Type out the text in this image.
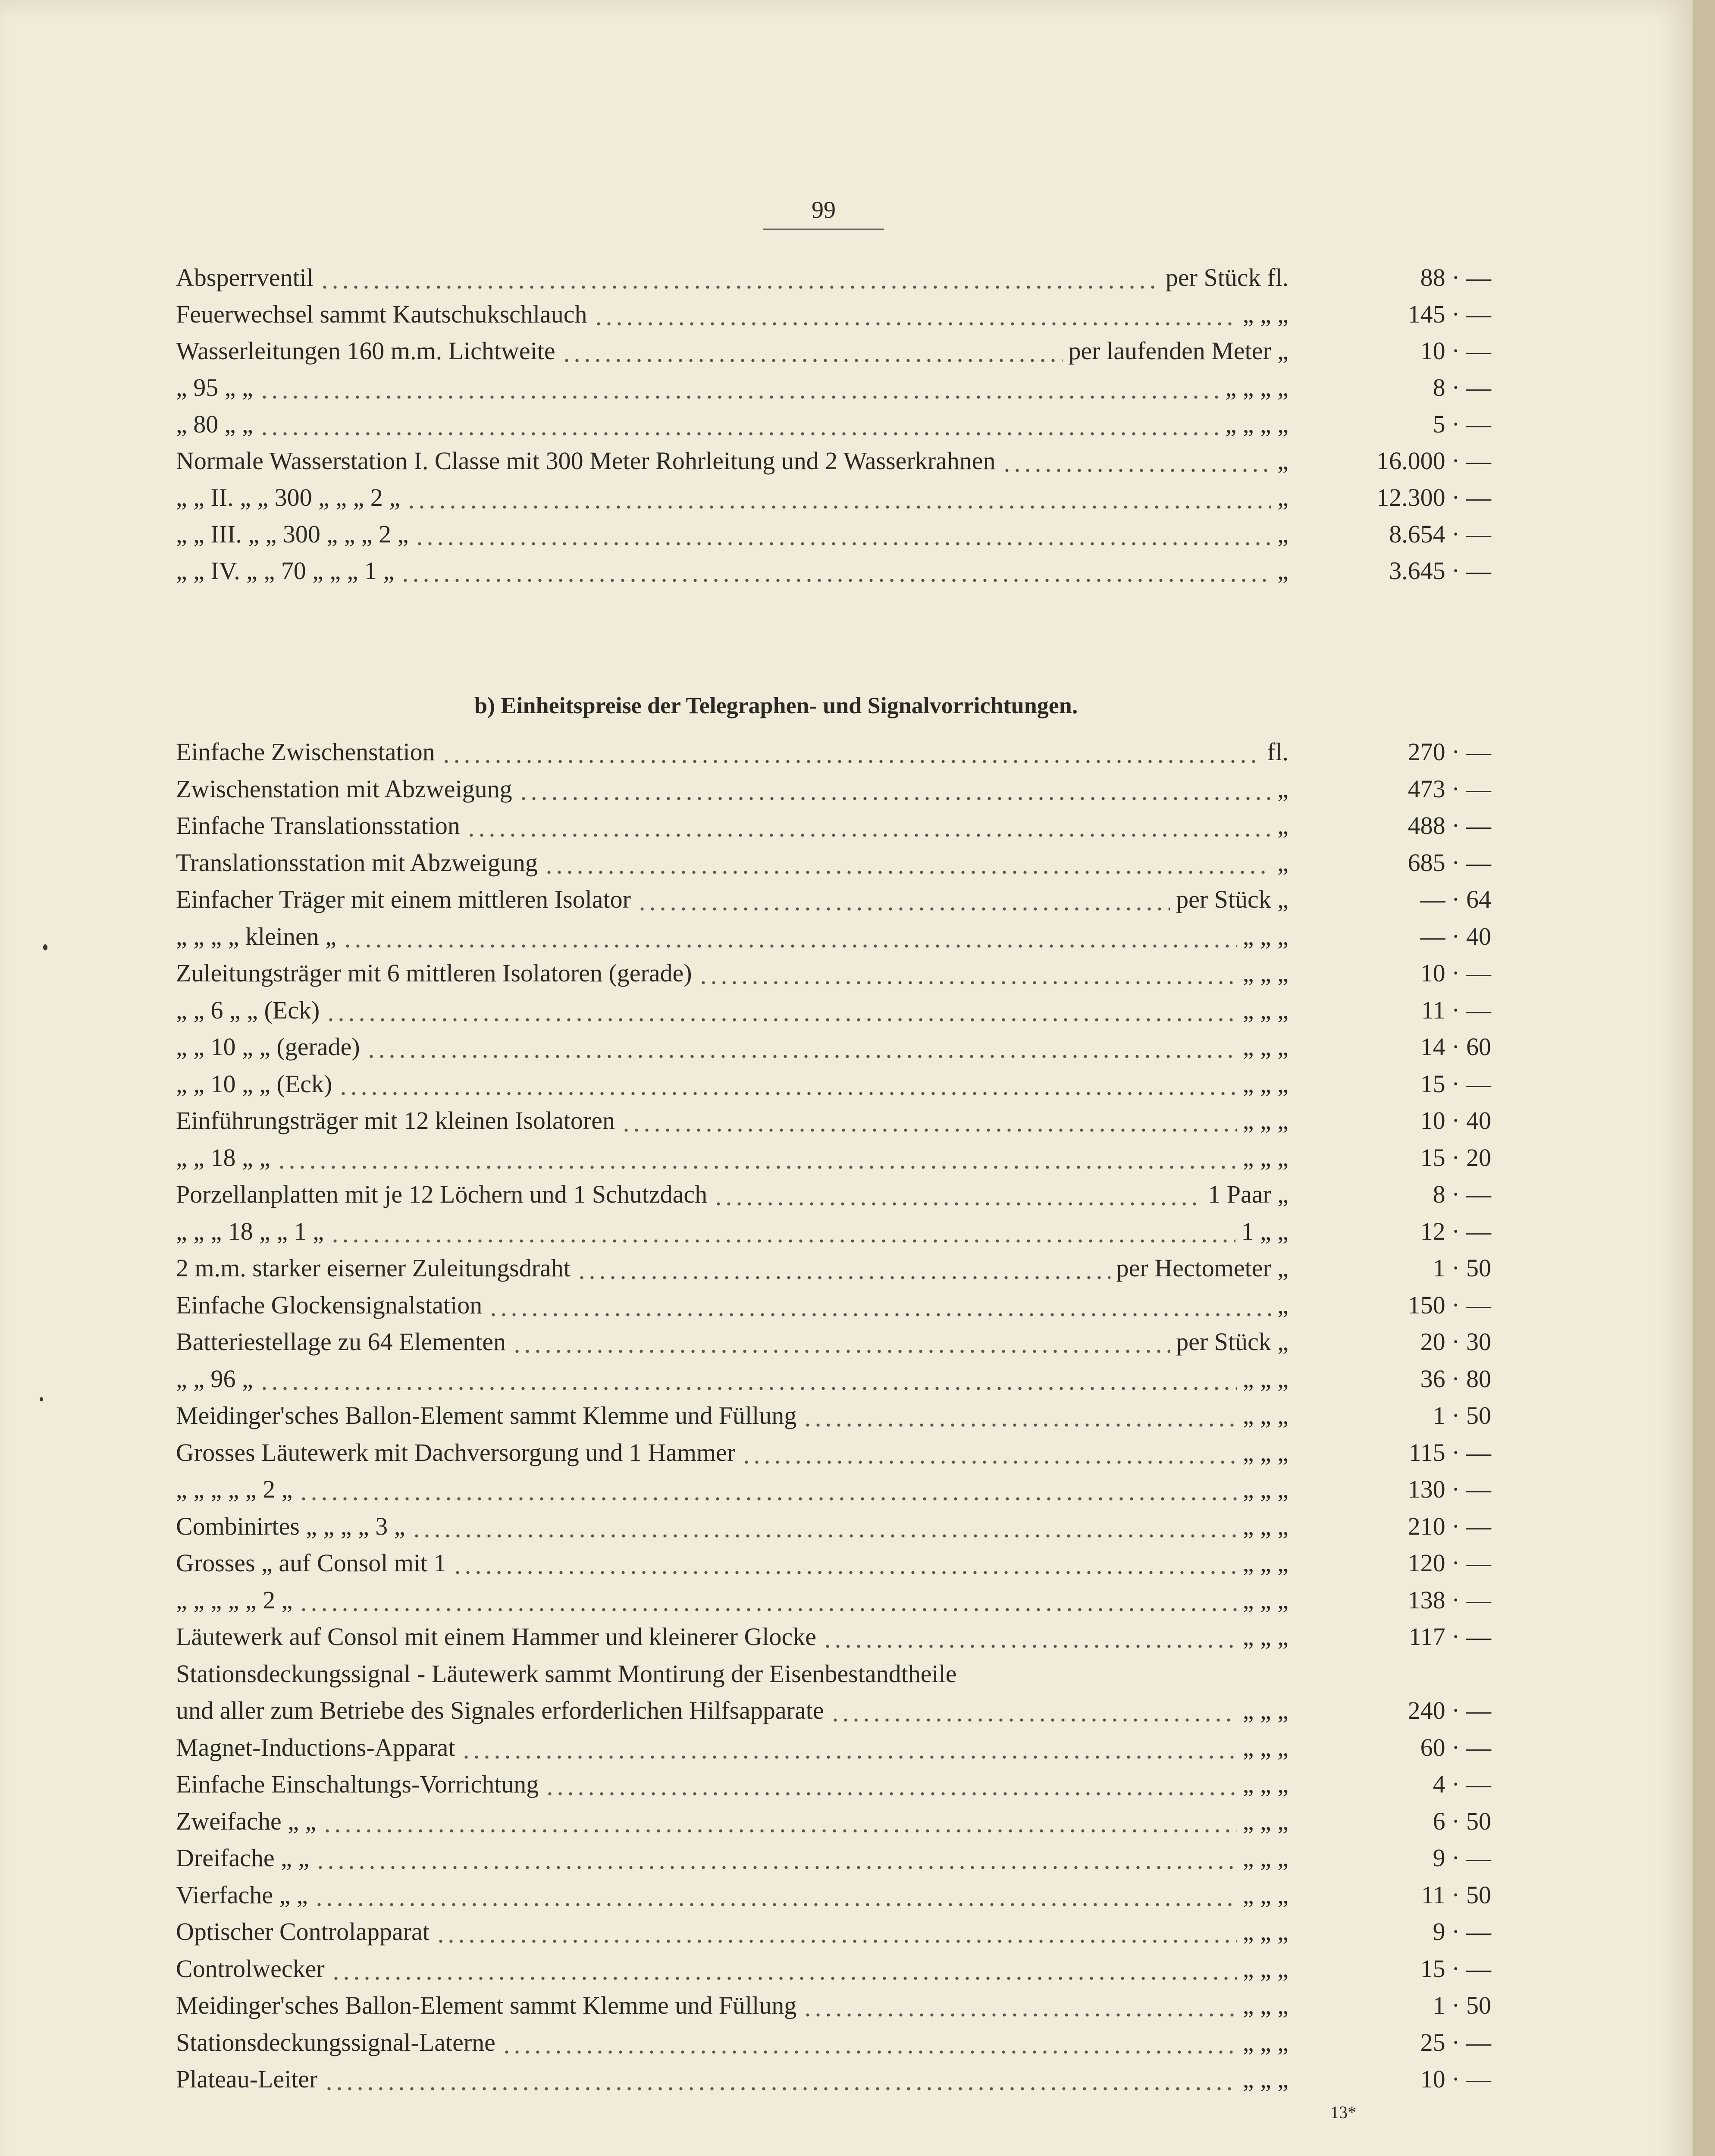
99
Absperrventil	per Stück fl.	88 · —
Feuerwechsel sammt Kautschukschlauch	„ „ „	145 · —
Wasserleitungen 160 m.m. Lichtweite	per laufenden Meter „	10 · —
„ 95 „ „	„ „ „ „	8 · —
„ 80 „ „	„ „ „ „	5 · —
Normale Wasserstation I. Classe mit 300 Meter Rohrleitung und 2 Wasserkrahnen	„	16.000 · —
„ „ II. „ „ 300 „ „ „ 2 „	„	12.300 · —
„ „ III. „ „ 300 „ „ „ 2 „	„	8.654 · —
„ „ IV. „ „ 70 „ „ „ 1 „	„	3.645 · —
b) Einheitspreise der Telegraphen- und Signalvorrichtungen.
Einfache Zwischenstation	fl.	270 · —
Zwischenstation mit Abzweigung	„	473 · —
Einfache Translationsstation	„	488 · —
Translationsstation mit Abzweigung	„	685 · —
Einfacher Träger mit einem mittleren Isolator	per Stück „	— · 64
„ „ „ „ kleinen „	„ „ „	— · 40
Zuleitungsträger mit 6 mittleren Isolatoren (gerade)	„ „ „	10 · —
„ „ 6 „ „ (Eck)	„ „ „	11 · —
„ „ 10 „ „ (gerade)	„ „ „	14 · 60
„ „ 10 „ „ (Eck)	„ „ „	15 · —
Einführungsträger mit 12 kleinen Isolatoren	„ „ „	10 · 40
„ „ 18 „ „	„ „ „	15 · 20
Porzellanplatten mit je 12 Löchern und 1 Schutzdach	1 Paar „	8 · —
„ „ „ 18 „ „ 1 „	1 „ „	12 · —
2 m.m. starker eiserner Zuleitungsdraht	per Hectometer „	1 · 50
Einfache Glockensignalstation	„	150 · —
Batteriestellage zu 64 Elementen	per Stück „	20 · 30
„ „ 96 „	„ „ „	36 · 80
Meidinger'sches Ballon-Element sammt Klemme und Füllung	„ „ „	1 · 50
Grosses Läutewerk mit Dachversorgung und 1 Hammer	„ „ „	115 · —
„ „ „ „ „ 2 „	„ „ „	130 · —
Combinirtes „ „ „ „ 3 „	„ „ „	210 · —
Grosses „ auf Consol mit 1	„ „ „	120 · —
„ „ „ „ „ 2 „	„ „ „	138 · —
Läutewerk auf Consol mit einem Hammer und kleinerer Glocke	„ „ „	117 · —
Stationsdeckungssignal - Läutewerk sammt Montirung der Eisenbestandtheile
und aller zum Betriebe des Signales erforderlichen Hilfsapparate	„ „ „	240 · —
Magnet-Inductions-Apparat	„ „ „	60 · —
Einfache Einschaltungs-Vorrichtung	„ „ „	4 · —
Zweifache „ „	„ „ „	6 · 50
Dreifache „ „	„ „ „	9 · —
Vierfache „ „	„ „ „	11 · 50
Optischer Controlapparat	„ „ „	9 · —
Controlwecker	„ „ „	15 · —
Meidinger'sches Ballon-Element sammt Klemme und Füllung	„ „ „	1 · 50
Stationsdeckungssignal-Laterne	„ „ „	25 · —
Plateau-Leiter	„ „ „	10 · —
13*
